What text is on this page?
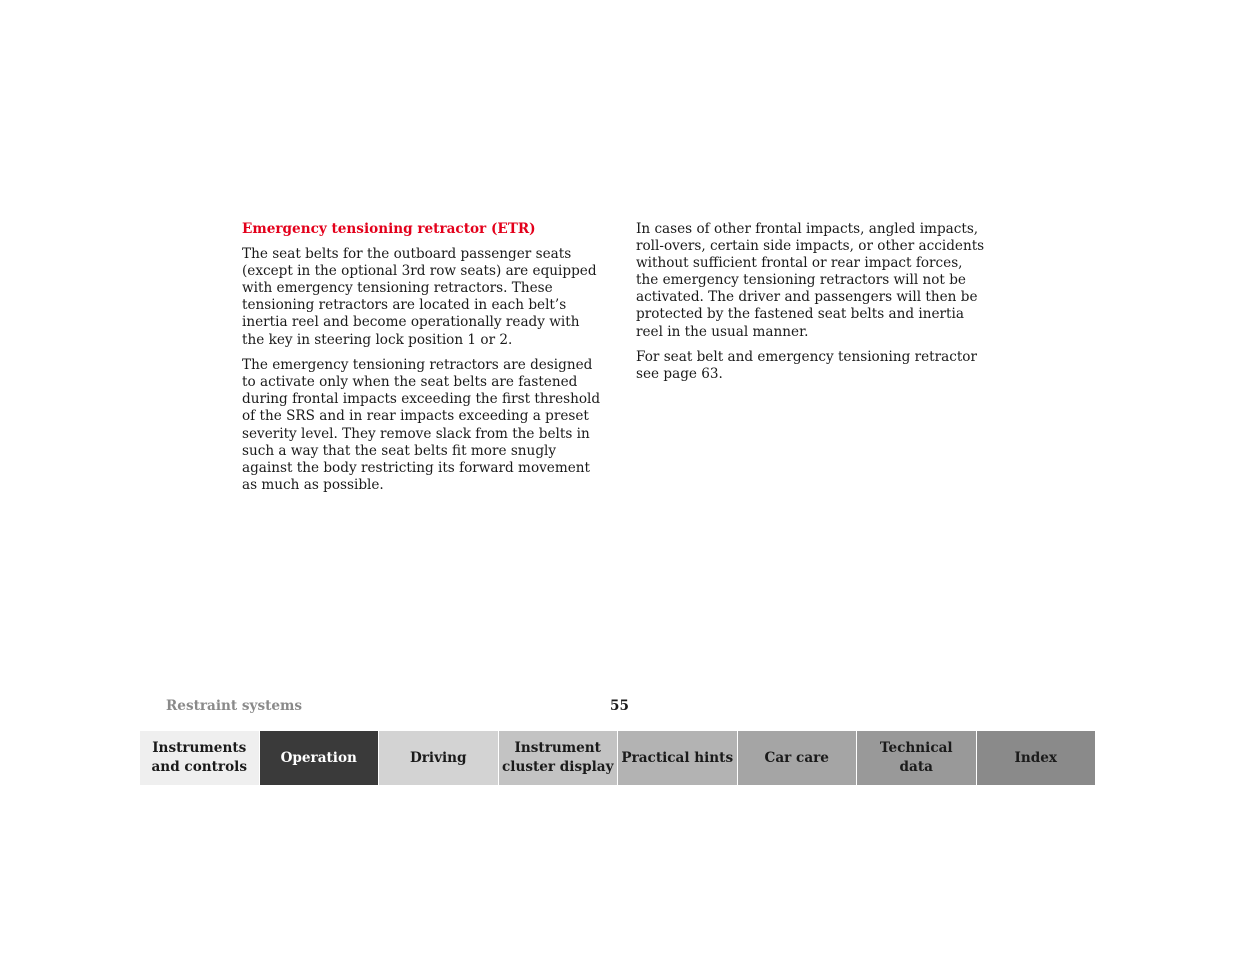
Emergency tensioning retractor (ETR)

The seat belts for the outboard passenger seats (except in the optional 3rd row seats) are equipped with emergency tensioning retractors. These tensioning retractors are located in each belt’s inertia reel and become operationally ready with the key in steering lock position 1 or 2.

The emergency tensioning retractors are designed to activate only when the seat belts are fastened during frontal impacts exceeding the first threshold of the SRS and in rear impacts exceeding a preset severity level. They remove slack from the belts in such a way that the seat belts fit more snugly against the body restricting its forward movement as much as possible.

In cases of other frontal impacts, angled impacts, roll-overs, certain side impacts, or other accidents without sufficient frontal or rear impact forces, the emergency tensioning retractors will not be activated. The driver and passengers will then be protected by the fastened seat belts and inertia reel in the usual manner.

For seat belt and emergency tensioning retractor see page 63.

Restraint systems	55
Instruments
and controls
Operation	Driving
Instrument
cluster display
Practical hints	Car care
Technical
data
Index
